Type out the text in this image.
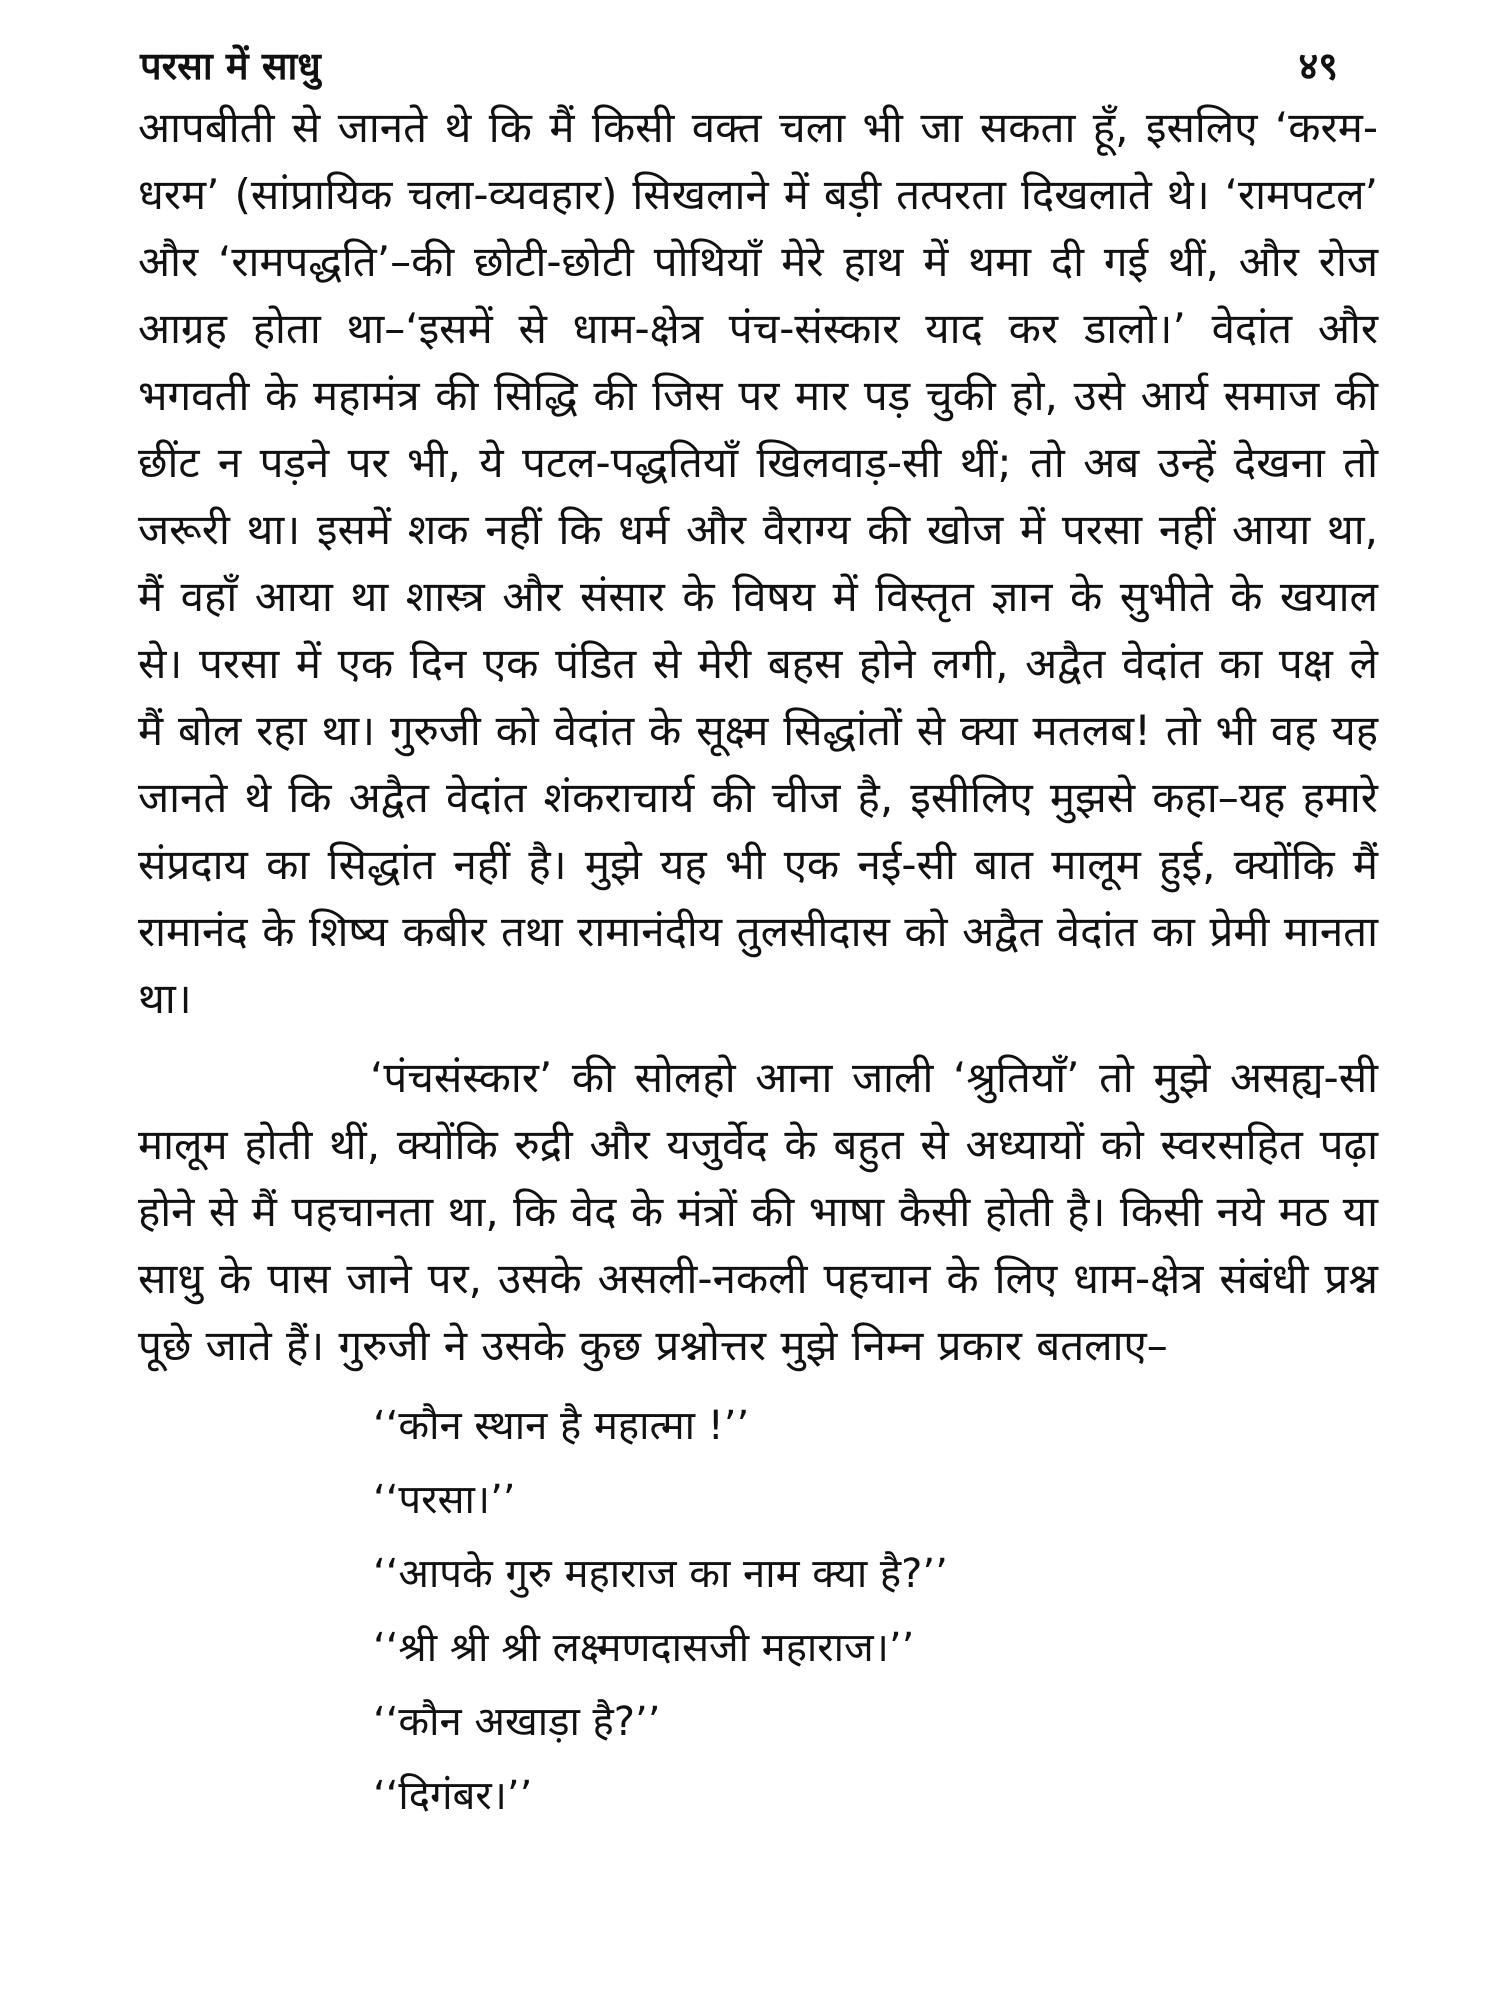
परसा में साधु	४९

आपबीती से जानते थे कि मैं किसी वक्त चला भी जा सकता हूँ, इसलिए ‘करम-धरम’ (सांप्रायिक चला-व्यवहार) सिखलाने में बड़ी तत्परता दिखलाते थे। ‘रामपटल’ और ‘रामपद्धति’–की छोटी-छोटी पोथियाँ मेरे हाथ में थमा दी गई थीं, और रोज आग्रह होता था–‘इसमें से धाम-क्षेत्र पंच-संस्कार याद कर डालो।’ वेदांत और भगवती के महामंत्र की सिद्धि की जिस पर मार पड़ चुकी हो, उसे आर्य समाज की छींट न पड़ने पर भी, ये पटल-पद्धतियाँ खिलवाड़-सी थीं; तो अब उन्हें देखना तो जरूरी था। इसमें शक नहीं कि धर्म और वैराग्य की खोज में परसा नहीं आया था, मैं वहाँ आया था शास्त्र और संसार के विषय में विस्तृत ज्ञान के सुभीते के खयाल से। परसा में एक दिन एक पंडित से मेरी बहस होने लगी, अद्वैत वेदांत का पक्ष ले मैं बोल रहा था। गुरुजी को वेदांत के सूक्ष्म सिद्धांतों से क्या मतलब! तो भी वह यह जानते थे कि अद्वैत वेदांत शंकराचार्य की चीज है, इसीलिए मुझसे कहा–यह हमारे संप्रदाय का सिद्धांत नहीं है। मुझे यह भी एक नई-सी बात मालूम हुई, क्योंकि मैं रामानंद के शिष्य कबीर तथा रामानंदीय तुलसीदास को अद्वैत वेदांत का प्रेमी मानता था।

‘पंचसंस्कार’ की सोलहो आना जाली ‘श्रुतियाँ’ तो मुझे असह्य-सी मालूम होती थीं, क्योंकि रुद्री और यजुर्वेद के बहुत से अध्यायों को स्वरसहित पढ़ा होने से मैं पहचानता था, कि वेद के मंत्रों की भाषा कैसी होती है। किसी नये मठ या साधु के पास जाने पर, उसके असली-नकली पहचान के लिए धाम-क्षेत्र संबंधी प्रश्न पूछे जाते हैं। गुरुजी ने उसके कुछ प्रश्नोत्तर मुझे निम्न प्रकार बतलाए–

‘‘कौन स्थान है महात्मा !’’
‘‘परसा।’’
‘‘आपके गुरु महाराज का नाम क्या है?’’
‘‘श्री श्री श्री लक्ष्मणदासजी महाराज।’’
‘‘कौन अखाड़ा है?’’
‘‘दिगंबर।’’
